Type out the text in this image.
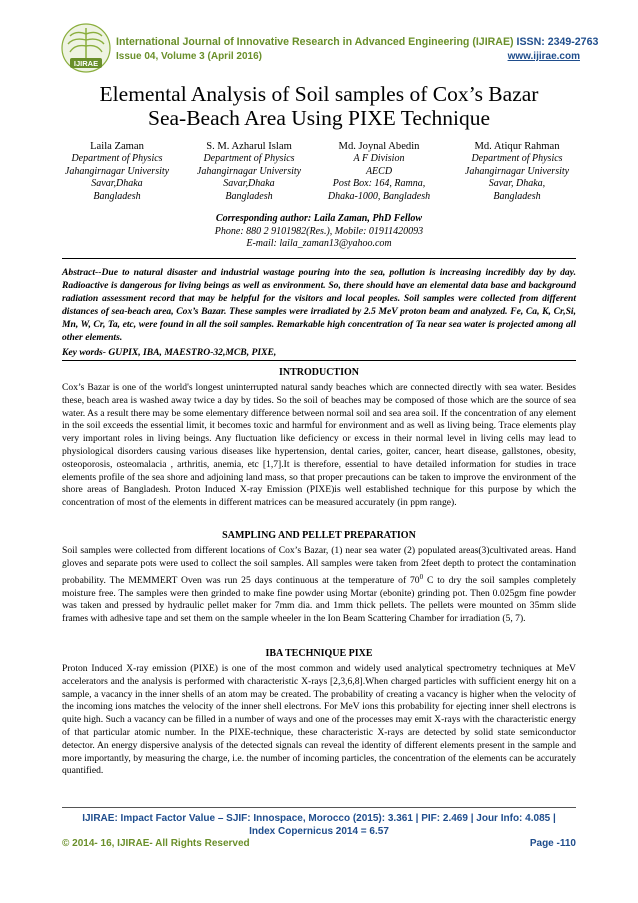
IJIRAE
International Journal of Innovative Research in Advanced Engineering (IJIRAE) ISSN: 2349-2763
Issue 04, Volume 3 (April 2016)	www.ijirae.com
Elemental Analysis of Soil samples of Cox’s Bazar
Sea-Beach Area Using PIXE Technique
Laila Zaman
Department of Physics
Jahangirnagar University
Savar,Dhaka
Bangladesh
S. M. Azharul Islam
Department of Physics
Jahangirnagar University
Savar,Dhaka
Bangladesh
Md. Joynal Abedin
A F Division
AECD
Post Box: 164, Ramna,
Dhaka-1000, Bangladesh
Md. Atiqur Rahman
Department of Physics
Jahangirnagar University
Savar, Dhaka,
Bangladesh
Corresponding author: Laila Zaman, PhD Fellow
Phone: 880 2 9101982(Res.), Mobile: 01911420093
E-mail: laila_zaman13@yahoo.com
Abstract--Due to natural disaster and industrial wastage pouring into the sea, pollution is increasing incredibly day by day. Radioactive is dangerous for living beings as well as environment. So, there should have an elemental data base and background radiation assessment record that may be helpful for the visitors and local peoples. Soil samples were collected from different distances of sea-beach area, Cox’s Bazar. These samples were irradiated by 2.5 MeV proton beam and analyzed. Fe, Ca, K, Cr,Si, Mn, W, Cr, Ta, etc, were found in all the soil samples. Remarkable high concentration of Ta near sea water is projected among all other elements.
Key words- GUPIX, IBA, MAESTRO-32,MCB, PIXE,
INTRODUCTION
Cox’s Bazar is one of the world's longest uninterrupted natural sandy beaches which are connected directly with sea water. Besides these, beach area is washed away twice a day by tides. So the soil of beaches may be composed of those which are the source of sea water. As a result there may be some elementary difference between normal soil and sea area soil. If the concentration of any element in the soil exceeds the essential limit, it becomes toxic and harmful for environment and as well as living being. Trace elements play very important roles in living beings. Any fluctuation like deficiency or excess in their normal level in living cells may lead to physiological disorders causing various diseases like hypertension, dental caries, goiter, cancer, heart disease, gallstones, obesity, osteoporosis, osteomalacia , arthritis, anemia, etc [1,7].It is therefore, essential to have detailed information for studies in trace elements profile of the sea shore and adjoining land mass, so that proper precautions can be taken to improve the environment of the shore areas of Bangladesh. Proton Induced X-ray Emission (PIXE)is well established technique for this purpose by which the concentration of most of the elements in different matrices can be measured accurately (in ppm range).
SAMPLING AND PELLET PREPARATION
Soil samples were collected from different locations of Cox’s Bazar, (1) near sea water (2) populated areas(3)cultivated areas. Hand gloves and separate pots were used to collect the soil samples. All samples were taken from 2feet depth to protect the contamination probability. The MEMMERT Oven was run 25 days continuous at the temperature of $70^0$ C to dry the soil samples completely moisture free. The samples were then grinded to make fine powder using Mortar (ebonite) grinding pot. Then 0.025gm fine powder was taken and pressed by hydraulic pellet maker for 7mm dia. and 1mm thick pellets. The pellets were mounted on 35mm slide frames with adhesive tape and set them on the sample wheeler in the Ion Beam Scattering Chamber for irradiation (5, 7).
IBA TECHNIQUE PIXE
Proton Induced X-ray emission (PIXE) is one of the most common and widely used analytical spectrometry techniques at MeV accelerators and the analysis is performed with characteristic X-rays [2,3,6,8].When charged particles with sufficient energy hit on a sample, a vacancy in the inner shells of an atom may be created. The probability of creating a vacancy is higher when the velocity of the incoming ions matches the velocity of the inner shell electrons. For MeV ions this probability for ejecting inner shell electrons is quite high. Such a vacancy can be filled in a number of ways and one of the processes may emit X-rays with the characteristic energy of that particular atomic number. In the PIXE-technique, these characteristic X-rays are detected by solid state semiconductor detector. An energy dispersive analysis of the detected signals can reveal the identity of different elements present in the sample and more importantly, by measuring the charge, i.e. the number of incoming particles, the concentration of the elements can be accurately quantified.
IJIRAE: Impact Factor Value – SJIF: Innospace, Morocco (2015): 3.361 | PIF: 2.469 | Jour Info: 4.085 |
Index Copernicus 2014 = 6.57
© 2014- 16, IJIRAE- All Rights Reserved	Page -110
